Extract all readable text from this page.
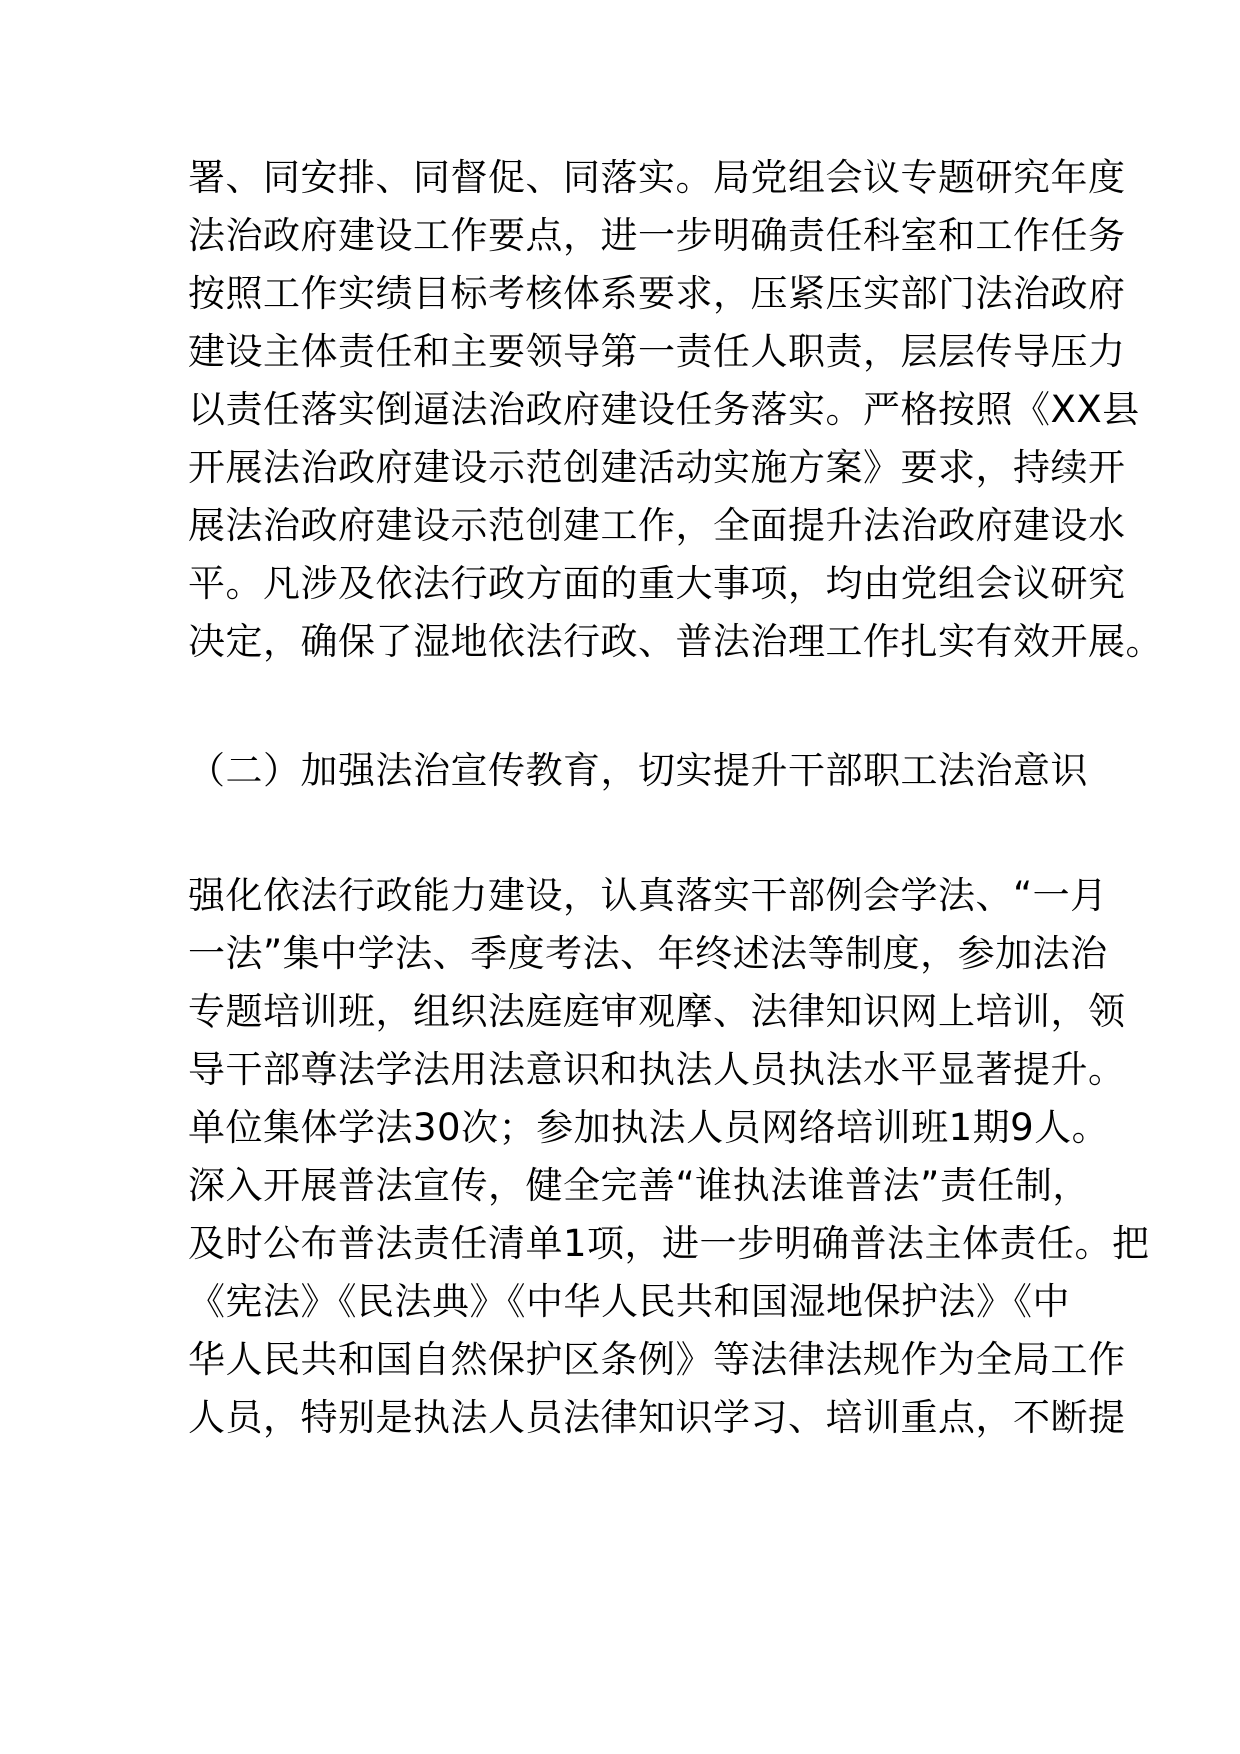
署、同安排、同督促、同落实。局党组会议专题研究年度
法治政府建设工作要点，进一步明确责任科室和工作任务
按照工作实绩目标考核体系要求，压紧压实部门法治政府
建设主体责任和主要领导第一责任人职责，层层传导压力
以责任落实倒逼法治政府建设任务落实。严格按照《XX县
开展法治政府建设示范创建活动实施方案》要求，持续开
展法治政府建设示范创建工作，全面提升法治政府建设水
平。凡涉及依法行政方面的重大事项，均由党组会议研究
决定，确保了湿地依法行政、普法治理工作扎实有效开展。
（二）加强法治宣传教育，切实提升干部职工法治意识
强化依法行政能力建设，认真落实干部例会学法、“一月
一法”集中学法、季度考法、年终述法等制度，参加法治
专题培训班，组织法庭庭审观摩、法律知识网上培训，领
导干部尊法学法用法意识和执法人员执法水平显著提升。
单位集体学法30次；参加执法人员网络培训班1期9人。
深入开展普法宣传，健全完善“谁执法谁普法”责任制，
及时公布普法责任清单1项，进一步明确普法主体责任。把
《宪法》《民法典》《中华人民共和国湿地保护法》《中
华人民共和国自然保护区条例》等法律法规作为全局工作
人员，特别是执法人员法律知识学习、培训重点，不断提
